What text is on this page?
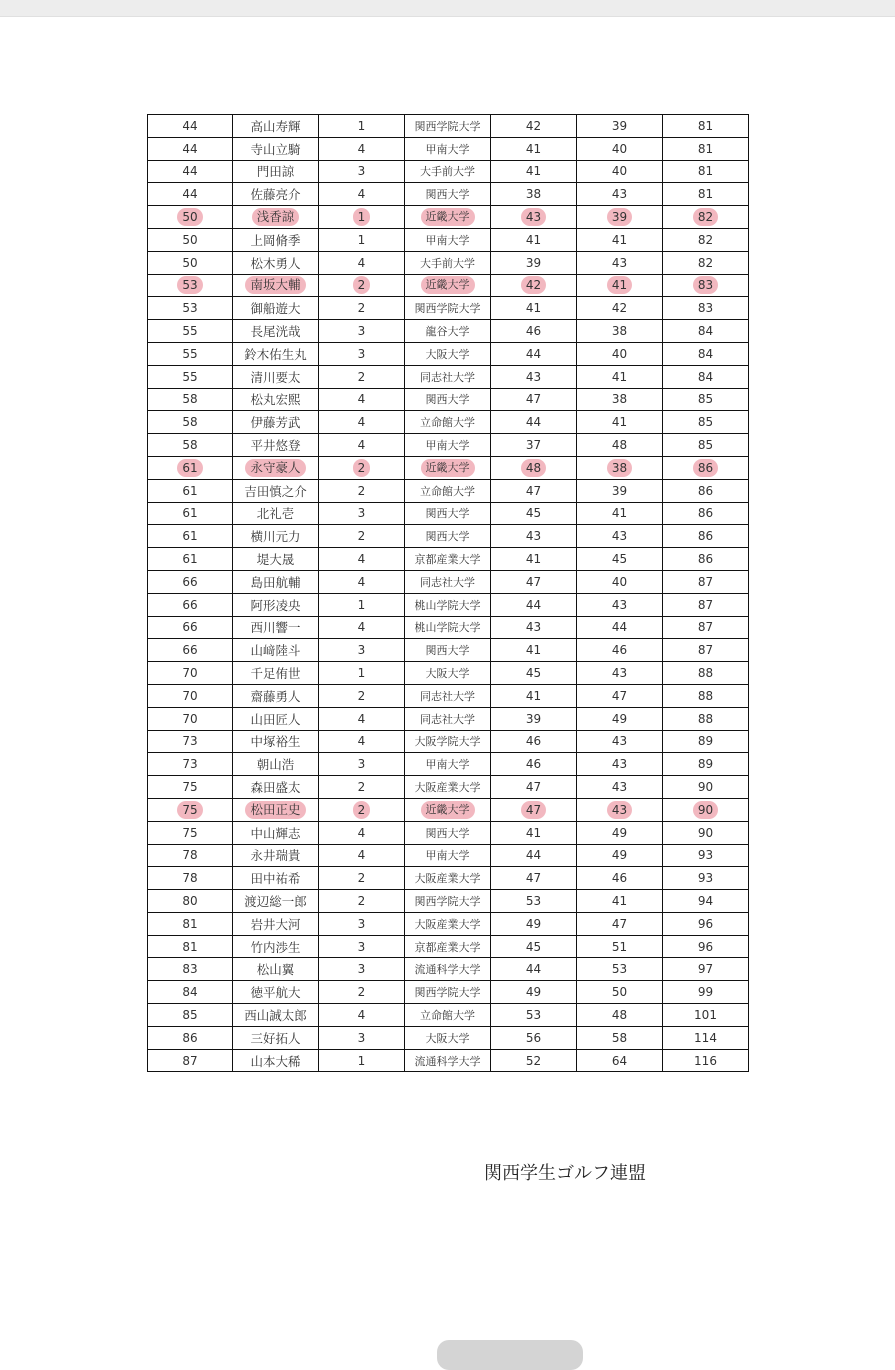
44	高山寿輝	1	関西学院大学	42	39	81
44	寺山立騎	4	甲南大学	41	40	81
44	門田諒	3	大手前大学	41	40	81
44	佐藤亮介	4	関西大学	38	43	81
50	浅香諒	1	近畿大学	43	39	82
50	上岡脩季	1	甲南大学	41	41	82
50	松木勇人	4	大手前大学	39	43	82
53	南坂大輔	2	近畿大学	42	41	83
53	御船遊大	2	関西学院大学	41	42	83
55	長尾洸哉	3	龍谷大学	46	38	84
55	鈴木佑生丸	3	大阪大学	44	40	84
55	清川要太	2	同志社大学	43	41	84
58	松丸宏熙	4	関西大学	47	38	85
58	伊藤芳武	4	立命館大学	44	41	85
58	平井悠登	4	甲南大学	37	48	85
61	永守豪人	2	近畿大学	48	38	86
61	吉田慎之介	2	立命館大学	47	39	86
61	北礼壱	3	関西大学	45	41	86
61	横川元力	2	関西大学	43	43	86
61	堤大晟	4	京都産業大学	41	45	86
66	島田航輔	4	同志社大学	47	40	87
66	阿形凌央	1	桃山学院大学	44	43	87
66	西川響一	4	桃山学院大学	43	44	87
66	山﨑陸斗	3	関西大学	41	46	87
70	千足侑世	1	大阪大学	45	43	88
70	齋藤勇人	2	同志社大学	41	47	88
70	山田匠人	4	同志社大学	39	49	88
73	中塚裕生	4	大阪学院大学	46	43	89
73	朝山浩	3	甲南大学	46	43	89
75	森田盛太	2	大阪産業大学	47	43	90
75	松田正史	2	近畿大学	47	43	90
75	中山輝志	4	関西大学	41	49	90
78	永井瑞貴	4	甲南大学	44	49	93
78	田中祐希	2	大阪産業大学	47	46	93
80	渡辺総一郎	2	関西学院大学	53	41	94
81	岩井大河	3	大阪産業大学	49	47	96
81	竹内渉生	3	京都産業大学	45	51	96
83	松山翼	3	流通科学大学	44	53	97
84	徳平航大	2	関西学院大学	49	50	99
85	西山誠太郎	4	立命館大学	53	48	101
86	三好拓人	3	大阪大学	56	58	114
87	山本大稀	1	流通科学大学	52	64	116
関西学生ゴルフ連盟
